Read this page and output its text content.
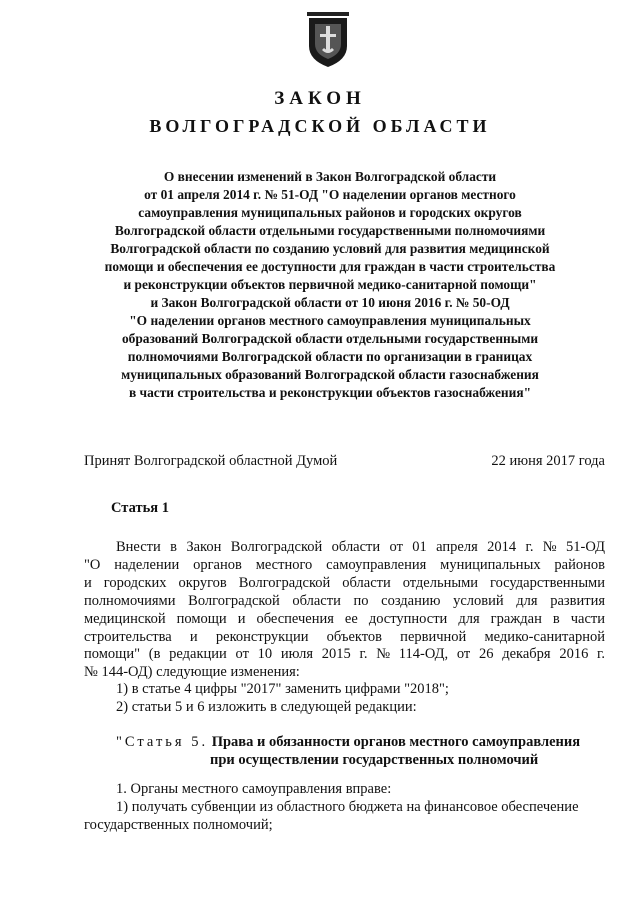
ЗАКОН
ВОЛГОГРАДСКОЙ ОБЛАСТИ
О внесении изменений в Закон Волгоградской области
от 01 апреля 2014 г. № 51-ОД "О наделении органов местного
самоуправления муниципальных районов и городских округов
Волгоградской области отдельными государственными полномочиями
Волгоградской области по созданию условий для развития медицинской
помощи и обеспечения ее доступности для граждан в части строительства
и реконструкции объектов первичной медико-санитарной помощи"
и Закон Волгоградской области от 10 июня 2016 г. № 50-ОД
"О наделении органов местного самоуправления муниципальных
образований Волгоградской области отдельными государственными
полномочиями Волгоградской области по организации в границах
муниципальных образований Волгоградской области газоснабжения
в части строительства и реконструкции объектов газоснабжения"
Принят Волгоградской областной Думой	22 июня 2017 года
Статья 1
Внести в Закон Волгоградской области от 01 апреля 2014 г. № 51-ОД
"О наделении органов местного самоуправления муниципальных районов
и городских округов Волгоградской области отдельными государственными
полномочиями Волгоградской области по созданию условий для развития
медицинской помощи и обеспечения ее доступности для граждан в части
строительства и реконструкции объектов первичной медико-санитарной
помощи" (в редакции от 10 июля 2015 г. № 114-ОД, от 26 декабря 2016 г.
№ 144-ОД) следующие изменения:
1) в статье 4 цифры "2017" заменить цифрами "2018";
2) статьи 5 и 6 изложить в следующей редакции:
"Статья 5. Права и обязанности органов местного самоуправления
при осуществлении государственных полномочий
1. Органы местного самоуправления вправе:
1) получать субвенции из областного бюджета на финансовое обеспечение
государственных полномочий;
